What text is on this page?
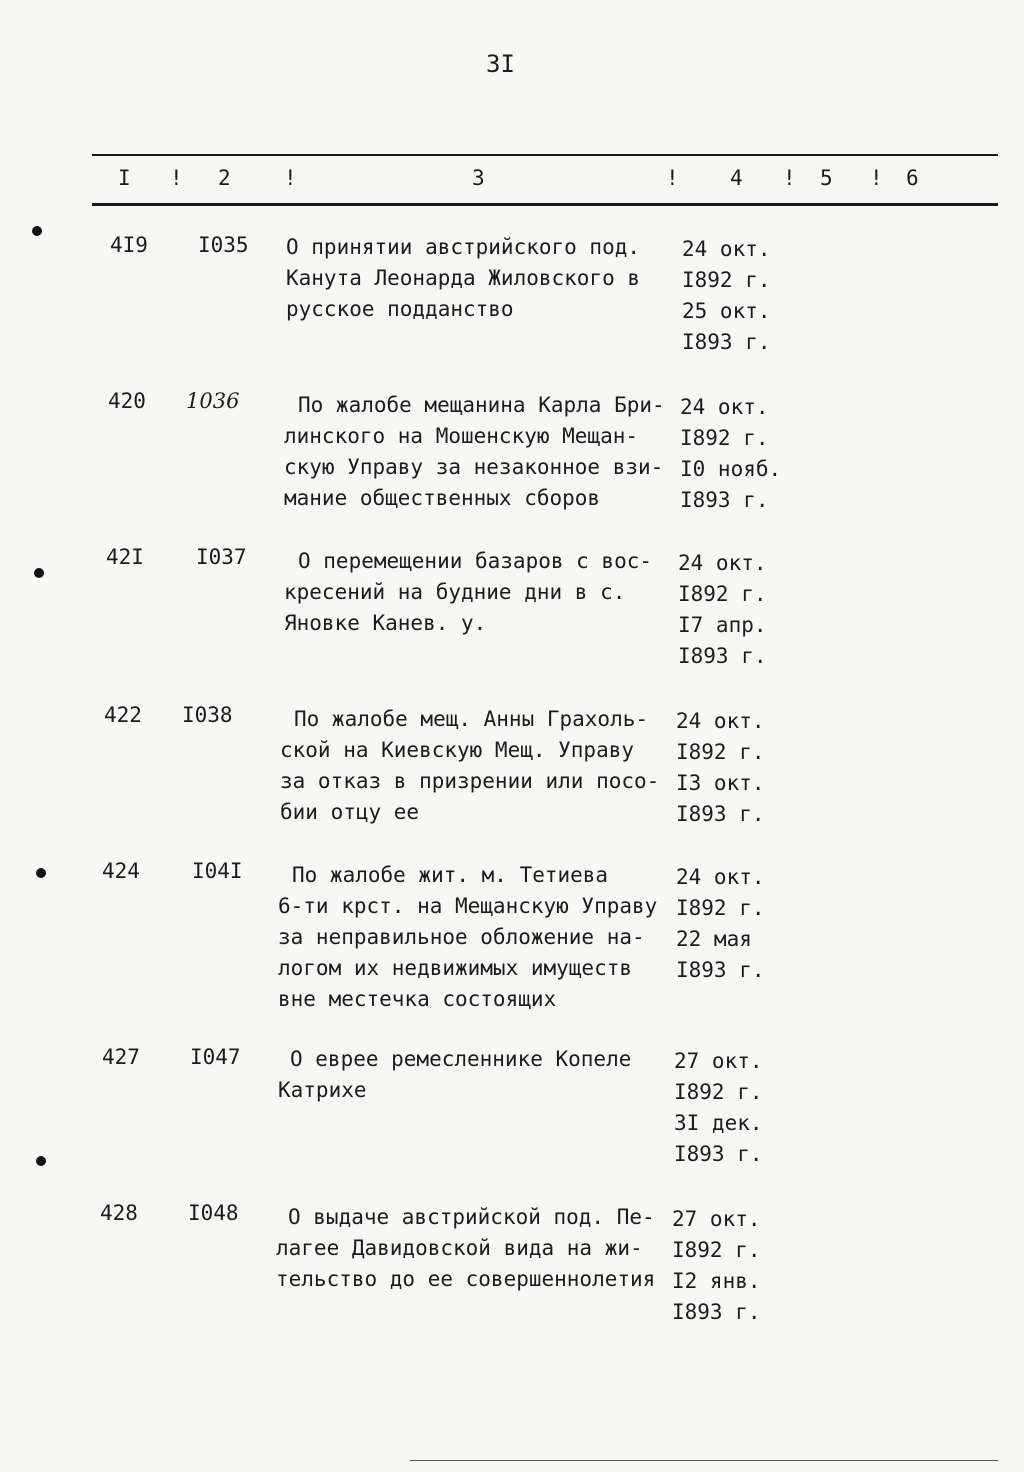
3I
I ! 2	!	3	! 4 ! 5 ! 6
4I9	I035	О принятии австрийского под.
Канута Леонарда Жиловского в
русское подданство
24 окт.
I892 г.
25 окт.
I893 г.
420	1036	По жалобе мещанина Карла Бри-
линского на Мошенскую Мещан-
скую Управу за незаконное взи-
мание общественных сборов
24 окт.
I892 г.
I0 нояб.
I893 г.
42I	I037	О перемещении базаров с вос-
кресений на будние дни в с.
Яновке Канев. у.
24 окт.
I892 г.
I7 апр.
I893 г.
422	I038	По жалобе мещ. Анны Грахоль-
ской на Киевскую Мещ. Управу
за отказ в призрении или посо-
бии отцу ее
24 окт.
I892 г.
I3 окт.
I893 г.
424	I04I	По жалобе жит. м. Тетиева
6-ти крст. на Мещанскую Управу
за неправильное обложение на-
логом их недвижимых имуществ
вне местечка состоящих
24 окт.
I892 г.
22 мая
I893 г.
427	I047	О еврее ремесленнике Копеле
Катрихе
27 окт.
I892 г.
3I дек.
I893 г.
428	I048	О выдаче австрийской под. Пе-
лагее Давидовской вида на жи-
тельство до ее совершеннолетия
27 окт.
I892 г.
I2 янв.
I893 г.
